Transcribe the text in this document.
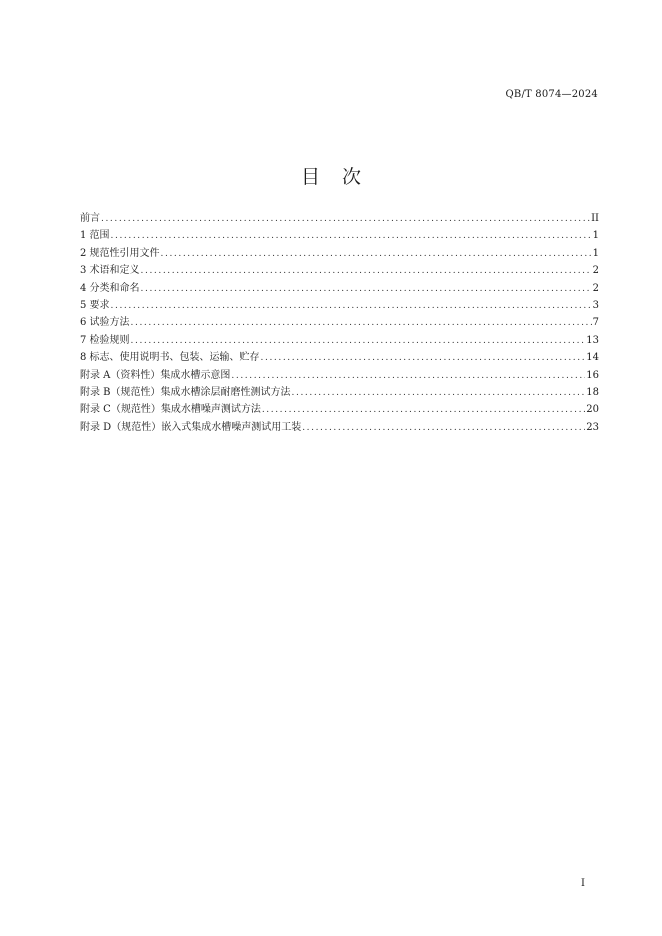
QB/T 8074—2024
目 次
前言 .....	II
1 范围 .....	1
2 规范性引用文件 .....	1
3 术语和定义 .....	2
4 分类和命名 .....	2
5 要求 .....	3
6 试验方法 .....	7
7 检验规则 .....	13
8 标志、使用说明书、包装、运输、贮存 .....	14
附录 A（资料性）集成水槽示意图 .....	16
附录 B（规范性）集成水槽涂层耐磨性测试方法 .....	18
附录 C（规范性）集成水槽噪声测试方法 .....	20
附录 D（规范性）嵌入式集成水槽噪声测试用工装 .....	23
I
